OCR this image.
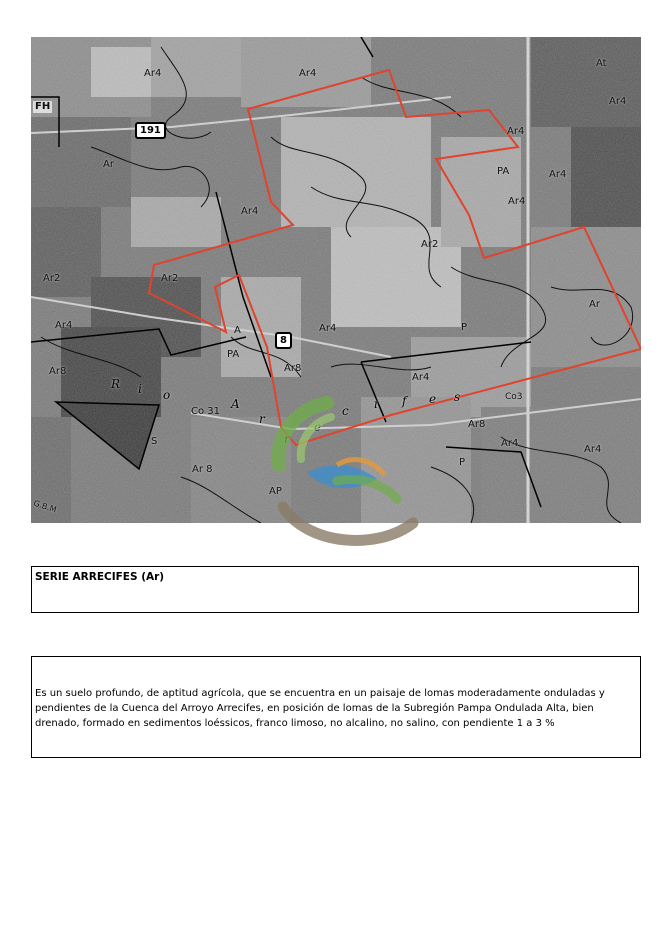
Ar4	Ar4
FH
Ar
Ar4
Ar2
Ar2
Ar4
Ar2
Ar4
Ar8
A
PA
Ar4
Ar8
Ar4
P
Ar4
PA	Ar4
At
Ar4
Ar
Ar8
Ar4
Ar4
S
Co 31
Ar 8
AP
P
Co3
G.B.M
191
8
R i o
A
r
r
e
c i f e s
SERIE ARRECIFES (Ar)

Es un suelo profundo, de aptitud agrícola, que se encuentra en un paisaje de lomas moderadamente onduladas y pendientes de la Cuenca del Arroyo Arrecifes, en posición de lomas de la Subregión Pampa Ondulada Alta, bien drenado, formado en sedimentos loéssicos, franco limoso, no alcalino, no salino, con pendiente 1 a 3 %
